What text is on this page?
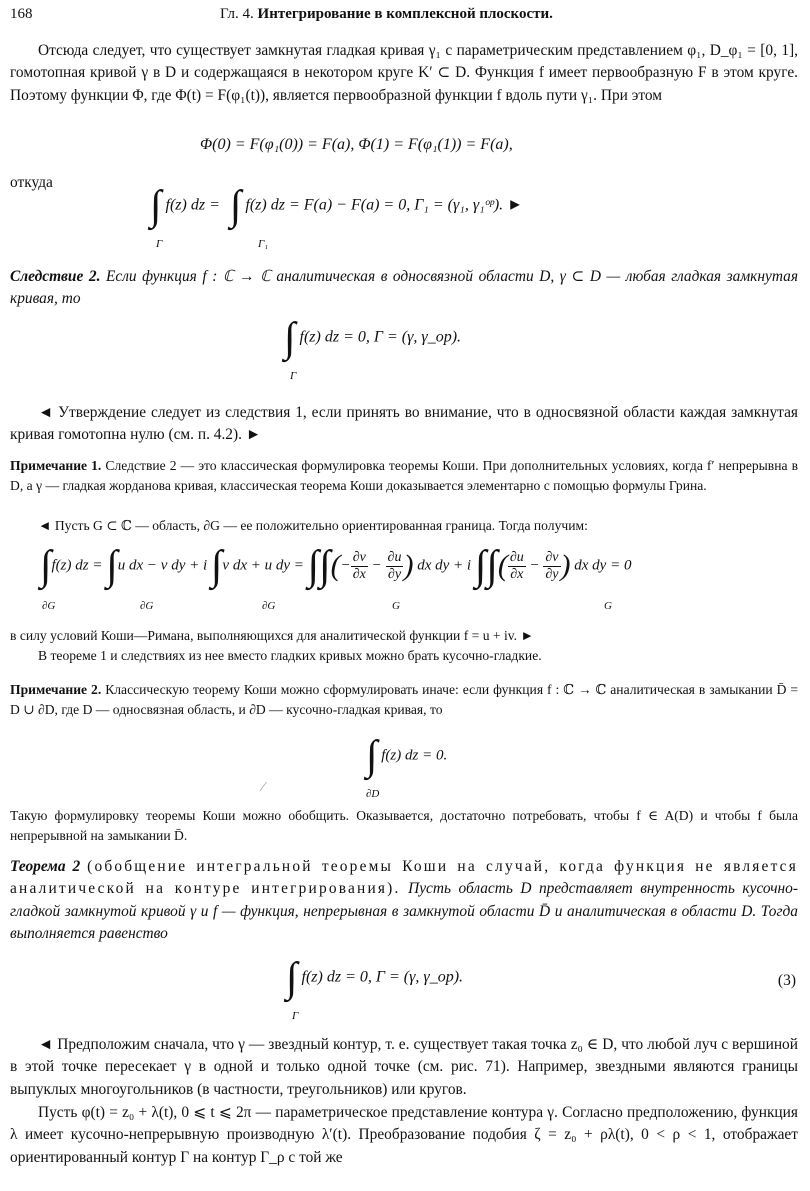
168	Гл. 4. Интегрирование в комплексной плоскости.
Отсюда следует, что существует замкнутая гладкая кривая γ₁ с параметрическим представлением φ₁, D_φ₁ = [0, 1], гомотопная кривой γ в D и содержащаяся в некотором круге K′ ⊂ D. Функция f имеет первообразную F в этом круге. Поэтому функции Φ, где Φ(t) = F(φ₁(t)), является первообразной функции f вдоль пути γ₁. При этом
Φ(0) = F(φ₁(0)) = F(a), Φ(1) = F(φ₁(1)) = F(a),
откуда
∫ f(z) dz = ∫ f(z) dz = F(a) − F(a) = 0, Γ₁ = (γ₁, γ₁ᵒᵖ). ►
Γ	Γ₁
Следствие 2. Если функция f : ℂ → ℂ аналитическая в односвязной области D, γ ⊂ D — любая гладкая замкнутая кривая, то
∫ f(z) dz = 0, Γ = (γ, γ_op).
Γ
◄ Утверждение следует из следствия 1, если принять во внимание, что в односвязной области каждая замкнутая кривая гомотопна нулю (см. п. 4.2). ►
Примечание 1. Следствие 2 — это классическая формулировка теоремы Коши. При дополнительных условиях, когда f′ непрерывна в D, а γ — гладкая жорданова кривая, классическая теорема Коши доказывается элементарно с помощью формулы Грина.
◄ Пусть G ⊂ ℂ — область, ∂G — ее положительно ориентированная граница. Тогда получим:
∫f(z) dz = ∫u dx − v dy + i ∫v dx + u dy = ∫∫(− $\frac{\partial v}{\partial x} - \frac{\partial u}{\partial y}$ ) dx dy + i ∫∫( $\frac{\partial u}{\partial x} - \frac{\partial v}{\partial y}$ ) dx dy = 0
∂G	∂G	∂G	G	G
в силу условий Коши—Римана, выполняющихся для аналитической функции f = u + iv. ►
В теореме 1 и следствиях из нее вместо гладких кривых можно брать кусочно-гладкие.
Примечание 2. Классическую теорему Коши можно сформулировать иначе: если функция f : ℂ → ℂ аналитическая в замыкании D̄ = D ∪ ∂D, где D — односвязная область, и ∂D — кусочно-гладкая кривая, то
∫ f(z) dz = 0.
∂D
⁄
Такую формулировку теоремы Коши можно обобщить. Оказывается, достаточно потребовать, чтобы f ∈ A(D) и чтобы f была непрерывной на замыкании D̄.
Теорема 2 (обобщение интегральной теоремы Коши на случай, когда функция не является аналитической на контуре интегрирования). Пусть область D представляет внутренность кусочно-гладкой замкнутой кривой γ и f — функция, непрерывная в замкнутой области D̄ и аналитическая в области D. Тогда выполняется равенство
∫ f(z) dz = 0, Γ = (γ, γ_op).
Γ
(3)
◄ Предположим сначала, что γ — звездный контур, т. е. существует такая точка z₀ ∈ D, что любой луч с вершиной в этой точке пересекает γ в одной и только одной точке (см. рис. 71). Например, звездными являются границы выпуклых многоугольников (в частности, треугольников) или кругов.
Пусть φ(t) = z₀ + λ(t), 0 ⩽ t ⩽ 2π — параметрическое представление контура γ. Согласно предположению, функция λ имеет кусочно-непрерывную производную λ′(t). Преобразование подобия ζ = z₀ + ρλ(t), 0 < ρ < 1, отображает ориентированный контур Γ на контур Γ_ρ с той же
